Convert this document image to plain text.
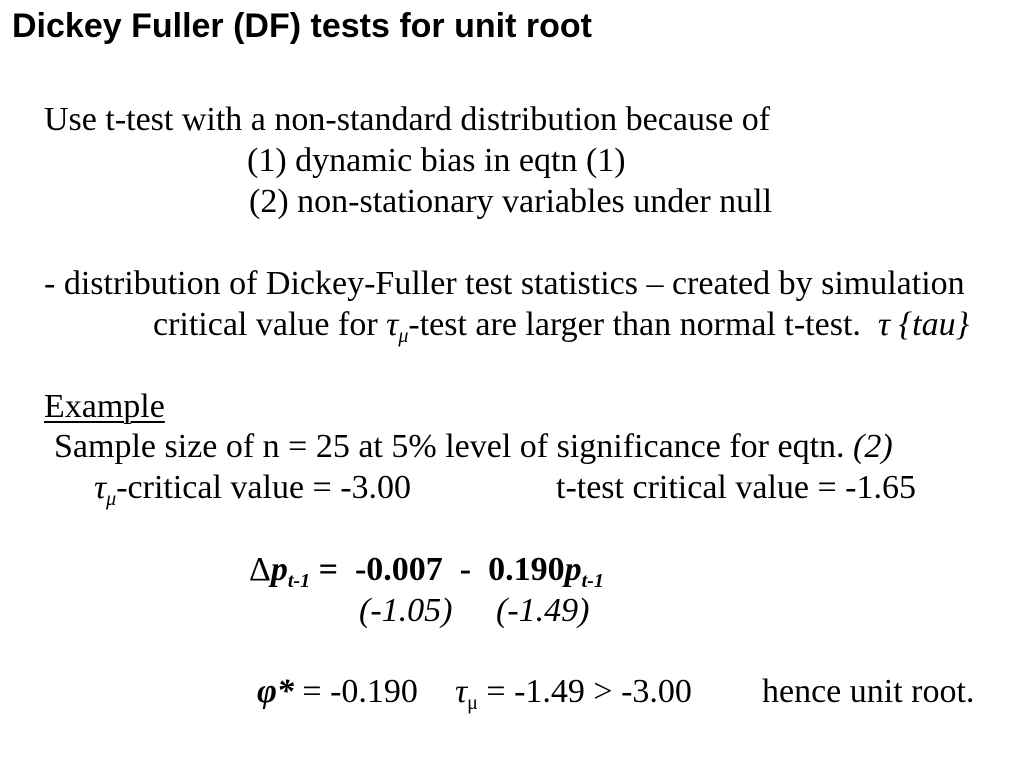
Dickey Fuller (DF) tests for unit root
Use t-test with a non-standard distribution because of
(1) dynamic bias in eqtn (1)
(2) non-stationary variables under null
- distribution of Dickey-Fuller test statistics – created by simulation
critical value for $\tau_\mu$-test are larger than normal t-test. τ {tau}
Example
Sample size of n = 25 at 5% level of significance for eqtn. (2)
$\tau_\mu$-critical value = -3.00	t-test critical value = -1.65
$\Delta p_{t-1} = -0.007 - 0.190p_{t-1}$
(-1.05) (-1.49)
φ* = -0.190 $\tau_\mu = -1.49 > -3.00$ hence unit root.
